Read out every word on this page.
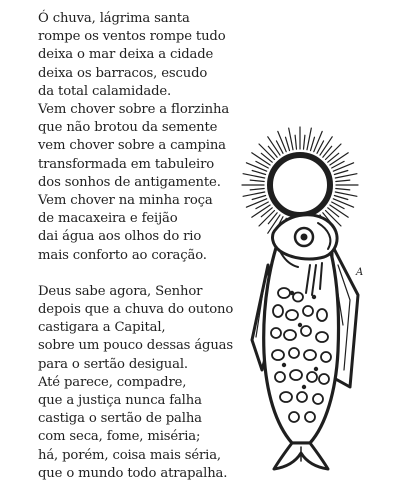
Ó chuva, lágrima santa
rompe os ventos rompe tudo
deixa o mar deixa a cidade
deixa os barracos, escudo
da total calamidade.
Vem chover sobre a florzinha
que não brotou da semente
vem chover sobre a campina
transformada em tabuleiro
dos sonhos de antigamente.
Vem chover na minha roça
de macaxeira e feijão
dai água aos olhos do rio
mais conforto ao coração.
Deus sabe agora, Senhor
depois que a chuva do outono
castigara a Capital,
sobre um pouco dessas águas
para o sertão desigual.
Até parece, compadre,
que a justiça nunca falha
castiga o sertão de palha
com seca, fome, miséria;
há, porém, coisa mais séria,
que o mundo todo atrapalha.
A
